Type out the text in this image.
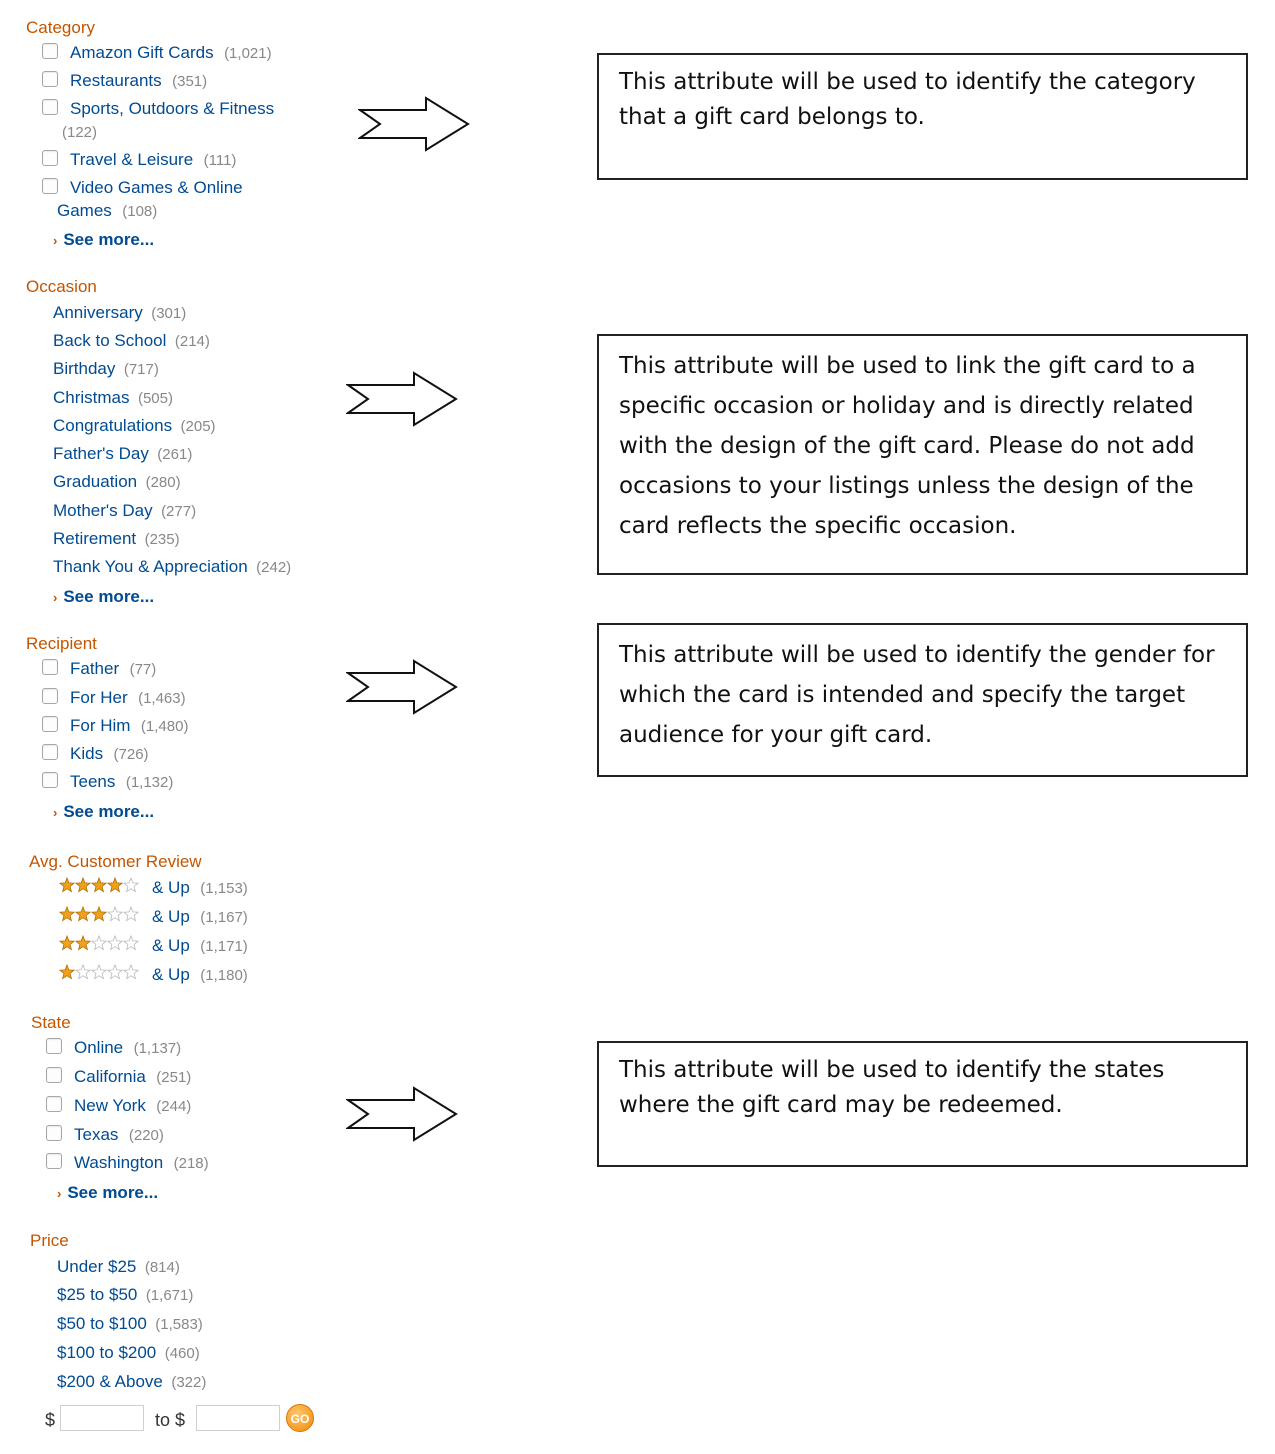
Category
Amazon Gift Cards (1,021)
Restaurants (351)
Sports, Outdoors & Fitness
(122)
Travel & Leisure (111)
Video Games & Online
Games (108)
› See more...
Occasion
Anniversary (301)
Back to School (214)
Birthday (717)
Christmas (505)
Congratulations (205)
Father's Day (261)
Graduation (280)
Mother's Day (277)
Retirement (235)
Thank You & Appreciation (242)
› See more...
Recipient
Father (77)
For Her (1,463)
For Him (1,480)
Kids (726)
Teens (1,132)
› See more...
Avg. Customer Review
& Up (1,153)
& Up (1,167)
& Up (1,171)
& Up (1,180)
State
Online (1,137)
California (251)
New York (244)
Texas (220)
Washington (218)
› See more...
Price
Under $25 (814)
$25 to $50 (1,671)
$50 to $100 (1,583)
$100 to $200 (460)
$200 & Above (322)
$	to $	GO
This attribute will be used to identify the category
that a gift card belongs to.
This attribute will be used to link the gift card to a
specific occasion or holiday and is directly related
with the design of the gift card. Please do not add
occasions to your listings unless the design of the
card reflects the specific occasion.
This attribute will be used to identify the gender for
which the card is intended and specify the target
audience for your gift card.
This attribute will be used to identify the states
where the gift card may be redeemed.
